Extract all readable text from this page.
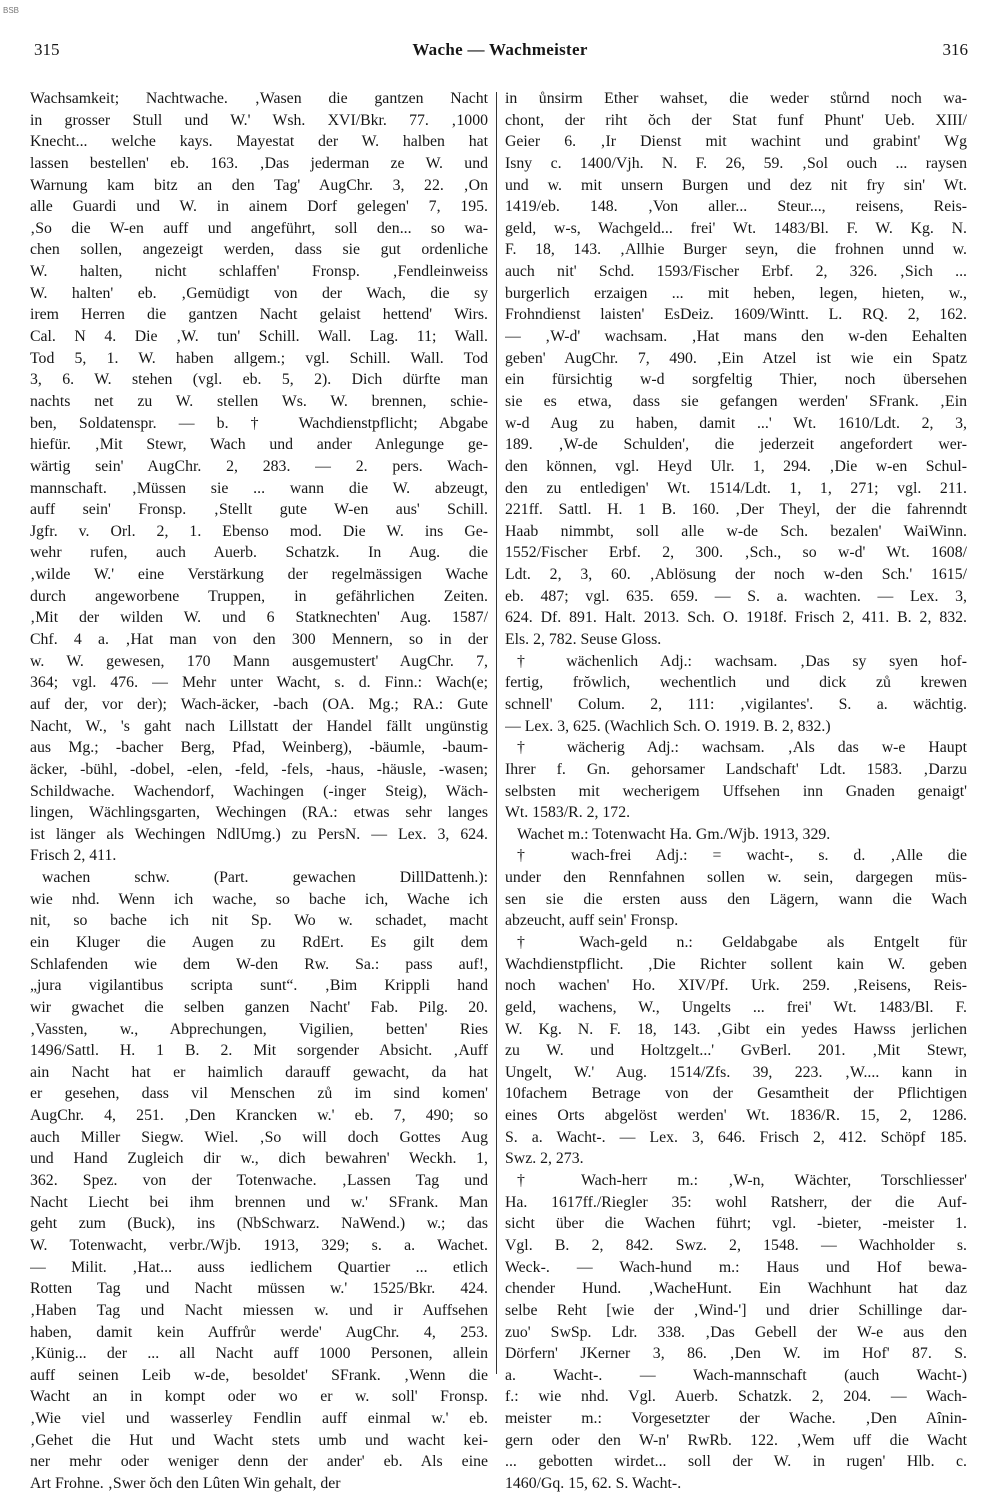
BSB
315	Wache — Wachmeister	316
Wachsamkeit; Nachtwache. ‚Wasen die gantzen Nacht
in grosser Stull und W.' Wsh. XVI/Bkr. 77. ‚1000
Knecht... welche kays. Mayestat der W. halben hat
lassen bestellen' eb. 163. ‚Das jederman ze W. und
Warnung kam bitz an den Tag' AugChr. 3, 22. ‚On
alle Guardi und W. in ainem Dorf gelegen' 7, 195.
‚So die W-en auff und angeführt, soll den... so wa-
chen sollen, angezeigt werden, dass sie gut ordenliche
W. halten, nicht schlaffen' Fronsp. ‚Fendleinweiss
W. halten' eb. ‚Gemüdigt von der Wach, die sy
irem Herren die gantzen Nacht gelaist hettend' Wirs.
Cal. N 4. Die ‚W. tun' Schill. Wall. Lag. 11; Wall.
Tod 5, 1. W. haben allgem.; vgl. Schill. Wall. Tod
3, 6. W. stehen (vgl. eb. 5, 2). Dich dürfte man
nachts net zu W. stellen Ws. W. brennen, schie-
ben, Soldatenspr. — b. † Wachdienstpflicht; Abgabe
hiefür. ‚Mit Stewr, Wach und ander Anlegunge ge-
wärtig sein' AugChr. 2, 283. — 2. pers. Wach-
mannschaft. ‚Müssen sie ... wann die W. abzeugt,
auff sein' Fronsp. ‚Stellt gute W-en aus' Schill.
Jgfr. v. Orl. 2, 1. Ebenso mod. Die W. ins Ge-
wehr rufen, auch Auerb. Schatzk. In Aug. die
‚wilde W.' eine Verstärkung der regelmässigen Wache
durch angeworbene Truppen, in gefährlichen Zeiten.
‚Mit der wilden W. und 6 Statknechten' Aug. 1587/
Chf. 4 a. ‚Hat man von den 300 Mennern, so in der
w. W. gewesen, 170 Mann ausgemustert' AugChr. 7,
364; vgl. 476. — Mehr unter Wacht, s. d. Finn.: Wach(e;
auf der, vor der); Wach-äcker, -bach (OA. Mg.; RA.: Gute
Nacht, W., 's gaht nach Lillstatt der Handel fällt ungünstig
aus Mg.; -bacher Berg, Pfad, Weinberg), -bäumle, -baum-
äcker, -bühl, -dobel, -elen, -feld, -fels, -haus, -häusle, -wasen;
Schildwache. Wachendorf, Wachingen (-inger Steig), Wäch-
lingen, Wächlingsgarten, Wechingen (RA.: etwas sehr langes
ist länger als Wechingen NdlUmg.) zu PersN. — Lex. 3, 624.
Frisch 2, 411.
wachen schw. (Part. gewachen DillDattenh.):
wie nhd. Wenn ich wache, so bache ich, Wache ich
nit, so bache ich nit Sp. Wo w. schadet, macht
ein Kluger die Augen zu RdErt. Es gilt dem
Schlafenden wie dem W-den Rw. Sa.: pass auf!,
„jura vigilantibus scripta sunt“. ‚Bim Krippli hand
wir gwachet die selben ganzen Nacht' Fab. Pilg. 20.
‚Vassten, w., Abprechungen, Vigilien, betten' Ries
1496/Sattl. H. 1 B. 2. Mit sorgender Absicht. ‚Auff
ain Nacht hat er haimlich darauff gewacht, da hat
er gesehen, dass vil Menschen zů im sind komen'
AugChr. 4, 251. ‚Den Krancken w.' eb. 7, 490; so
auch Miller Siegw. Wiel. ‚So will doch Gottes Aug
und Hand Zugleich dir w., dich bewahren' Weckh. 1,
362. Spez. von der Totenwache. ‚Lassen Tag und
Nacht Liecht bei ihm brennen und w.' SFrank. Man
geht zum (Buck), ins (NbSchwarz. NaWend.) w.; das
W. Totenwacht, verbr./Wjb. 1913, 329; s. a. Wachet.
— Milit. ‚Hat... auss iedlichem Quartier ... etlich
Rotten Tag und Nacht müssen w.' 1525/Bkr. 424.
‚Haben Tag und Nacht miessen w. und ir Auffsehen
haben, damit kein Auffrůr werde' AugChr. 4, 253.
‚Künig... der ... all Nacht auff 1000 Personen, allein
auff seinen Leib w-de, besoldet' SFrank. ‚Wenn die
Wacht an in kompt oder wo er w. soll' Fronsp.
‚Wie viel und wasserley Fendlin auff einmal w.' eb.
‚Gehet die Hut und Wacht stets umb und wacht kei-
ner mehr oder weniger denn der ander' eb. Als eine
Art Frohne. ‚Swer ŏch den Lûten Win gehalt, der
in ůnsirm Ether wahset, die weder stůrnd noch wa-
chont, der riht ŏch der Stat funf Phunt' Ueb. XIII/
Geier 6. ‚Ir Dienst mit wachint und grabint' Wg
Isny c. 1400/Vjh. N. F. 26, 59. ‚Sol ouch ... raysen
und w. mit unsern Burgen und dez nit fry sin' Wt.
1419/eb. 148. ‚Von aller... Steur..., reisens, Reis-
geld, w-s, Wachgeld... frei' Wt. 1483/Bl. F. W. Kg. N.
F. 18, 143. ‚Allhie Burger seyn, die frohnen unnd w.
auch nit' Schd. 1593/Fischer Erbf. 2, 326. ‚Sich ...
burgerlich erzaigen ... mit heben, legen, hieten, w.,
Frohndienst laisten' EsDeiz. 1609/Wintt. L. RQ. 2, 162.
— ‚W-d' wachsam. ‚Hat mans den w-den Eehalten
geben' AugChr. 7, 490. ‚Ein Atzel ist wie ein Spatz
ein fürsichtig w-d sorgfeltig Thier, noch übersehen
sie es etwa, dass sie gefangen werden' SFrank. ‚Ein
w-d Aug zu haben, damit ...' Wt. 1610/Ldt. 2, 3,
189. ‚W-de Schulden', die jederzeit angefordert wer-
den können, vgl. Heyd Ulr. 1, 294. ‚Die w-en Schul-
den zu entledigen' Wt. 1514/Ldt. 1, 1, 271; vgl. 211.
221ff. Sattl. H. 1 B. 160. ‚Der Theyl, der die fahrenndt
Haab nimmbt, soll alle w-de Sch. bezalen' WaiWinn.
1552/Fischer Erbf. 2, 300. ‚Sch., so w-d' Wt. 1608/
Ldt. 2, 3, 60. ‚Ablösung der noch w-den Sch.' 1615/
eb. 487; vgl. 635. 659. — S. a. wachten. — Lex. 3,
624. Df. 891. Halt. 2013. Sch. O. 1918f. Frisch 2, 411. B. 2, 832.
Els. 2, 782. Seuse Gloss.
† wächenlich Adj.: wachsam. ‚Das sy syen hof-
fertig, frŏwlich, wechentlich und dick zů krewen
schnell' Colum. 2, 111: ‚vigilantes'. S. a. wächtig.
— Lex. 3, 625. (Wachlich Sch. O. 1919. B. 2, 832.)
† wächerig Adj.: wachsam. ‚Als das w-e Haupt
Ihrer f. Gn. gehorsamer Landschaft' Ldt. 1583. ‚Darzu
selbsten mit wecherigem Uffsehen inn Gnaden genaigt'
Wt. 1583/R. 2, 172.
Wachet m.: Totenwacht Ha. Gm./Wjb. 1913, 329.
† wach-frei Adj.: = wacht-, s. d. ‚Alle die
under den Rennfahnen sollen w. sein, dargegen müs-
sen sie die ersten auss den Lägern, wann die Wach
abzeucht, auff sein' Fronsp.
† Wach-geld n.: Geldabgabe als Entgelt für
Wachdienstpflicht. ‚Die Richter sollent kain W. geben
noch wachen' Ho. XIV/Pf. Urk. 259. ‚Reisens, Reis-
geld, wachens, W., Ungelts ... frei' Wt. 1483/Bl. F.
W. Kg. N. F. 18, 143. ‚Gibt ein yedes Hawss jerlichen
zu W. und Holtzgelt...' GvBerl. 201. ‚Mit Stewr,
Ungelt, W.' Aug. 1514/Zfs. 39, 223. ‚W.... kann in
10fachem Betrage von der Gesamtheit der Pflichtigen
eines Orts abgelöst werden' Wt. 1836/R. 15, 2, 1286.
S. a. Wacht-. — Lex. 3, 646. Frisch 2, 412. Schöpf 185.
Swz. 2, 273.
† Wach-herr m.: ‚W-n, Wächter, Torschliesser'
Ha. 1617ff./Riegler 35: wohl Ratsherr, der die Auf-
sicht über die Wachen führt; vgl. -bieter, -meister 1.
Vgl. B. 2, 842. Swz. 2, 1548. — Wachholder s.
Weck-. — Wach-hund m.: Haus und Hof bewa-
chender Hund. ‚WacheHunt. Ein Wachhunt hat daz
selbe Reht [wie der ‚Wind-'] und drier Schillinge dar-
zuo' SwSp. Ldr. 338. ‚Das Gebell der W-e aus den
Dörfern' JKerner 3, 86. ‚Den W. im Hof' 87. S.
a. Wacht-. — Wach-mannschaft (auch Wacht-)
f.: wie nhd. Vgl. Auerb. Schatzk. 2, 204. — Wach-
meister m.: Vorgesetzter der Wache. ‚Den Aînin-
gern oder den W-n' RwRb. 122. ‚Wem uff die Wacht
... gebotten wirdet... soll der W. in rugen' Hlb. c.
1460/Gq. 15, 62. S. Wacht-.
